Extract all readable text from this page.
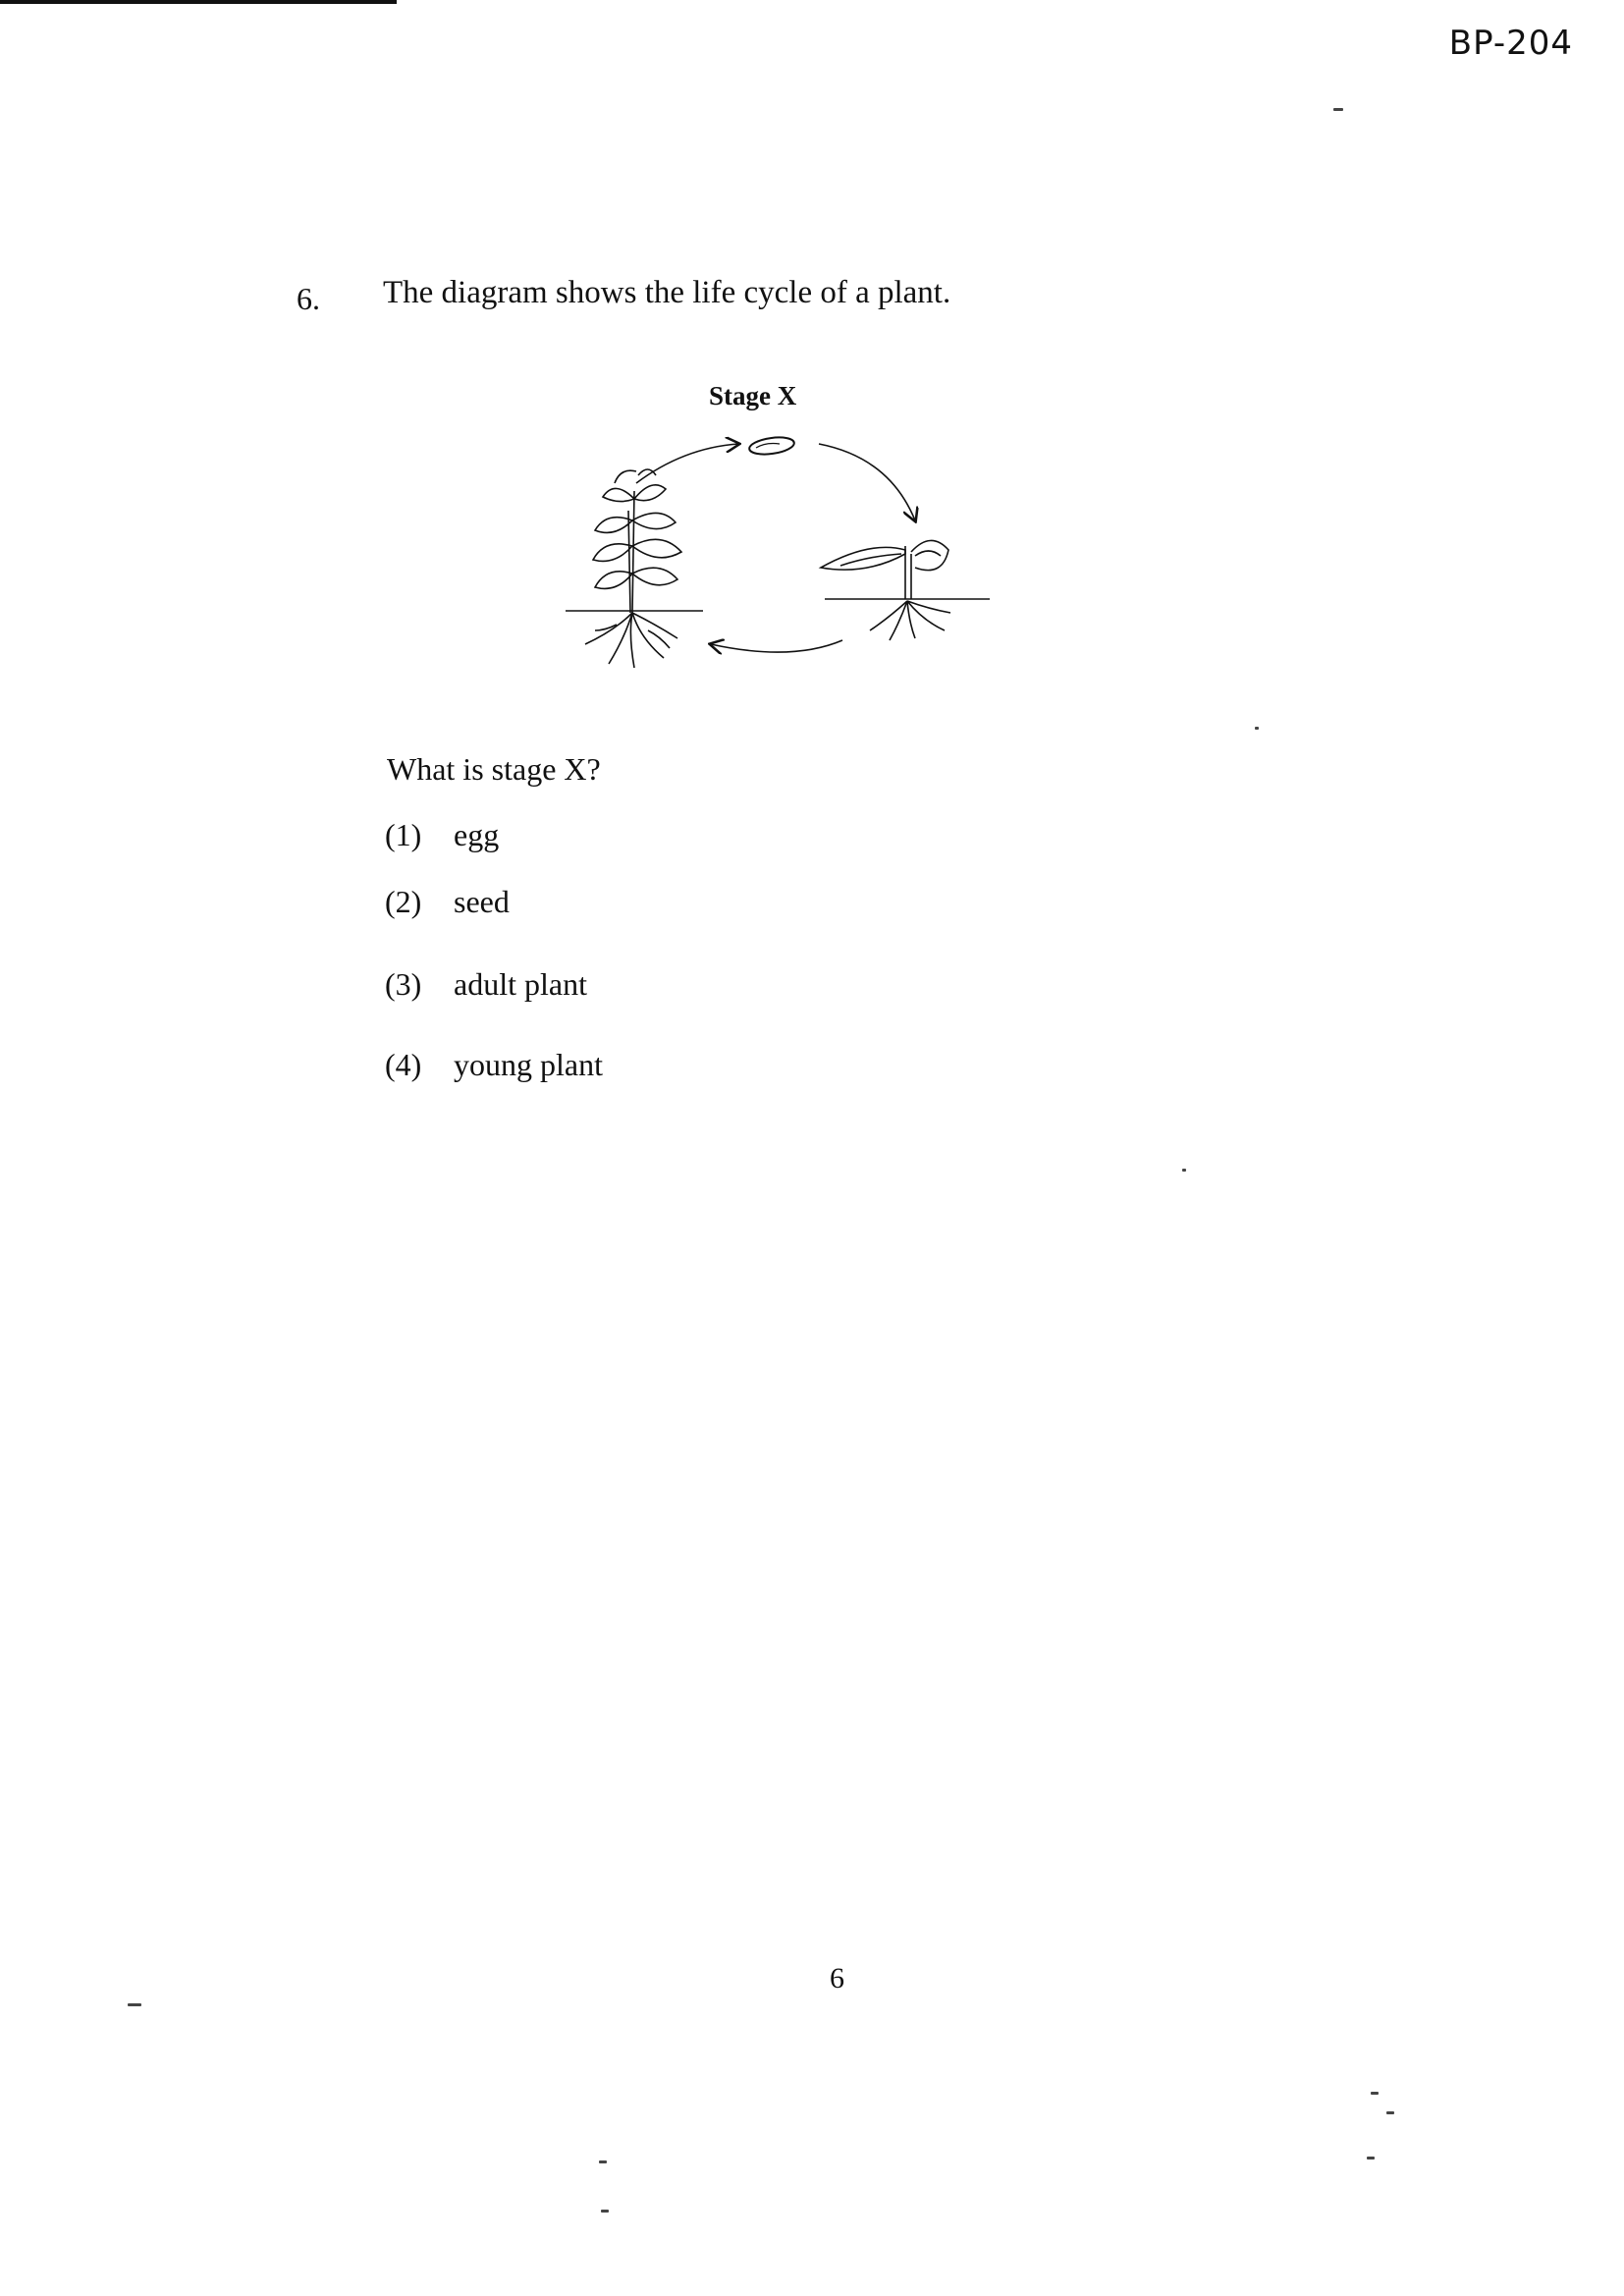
BP-204
6. The diagram shows the life cycle of a plant.
Stage X
What is stage X?
(1)	egg
(2)	seed
(3)	adult plant
(4)	young plant
6
